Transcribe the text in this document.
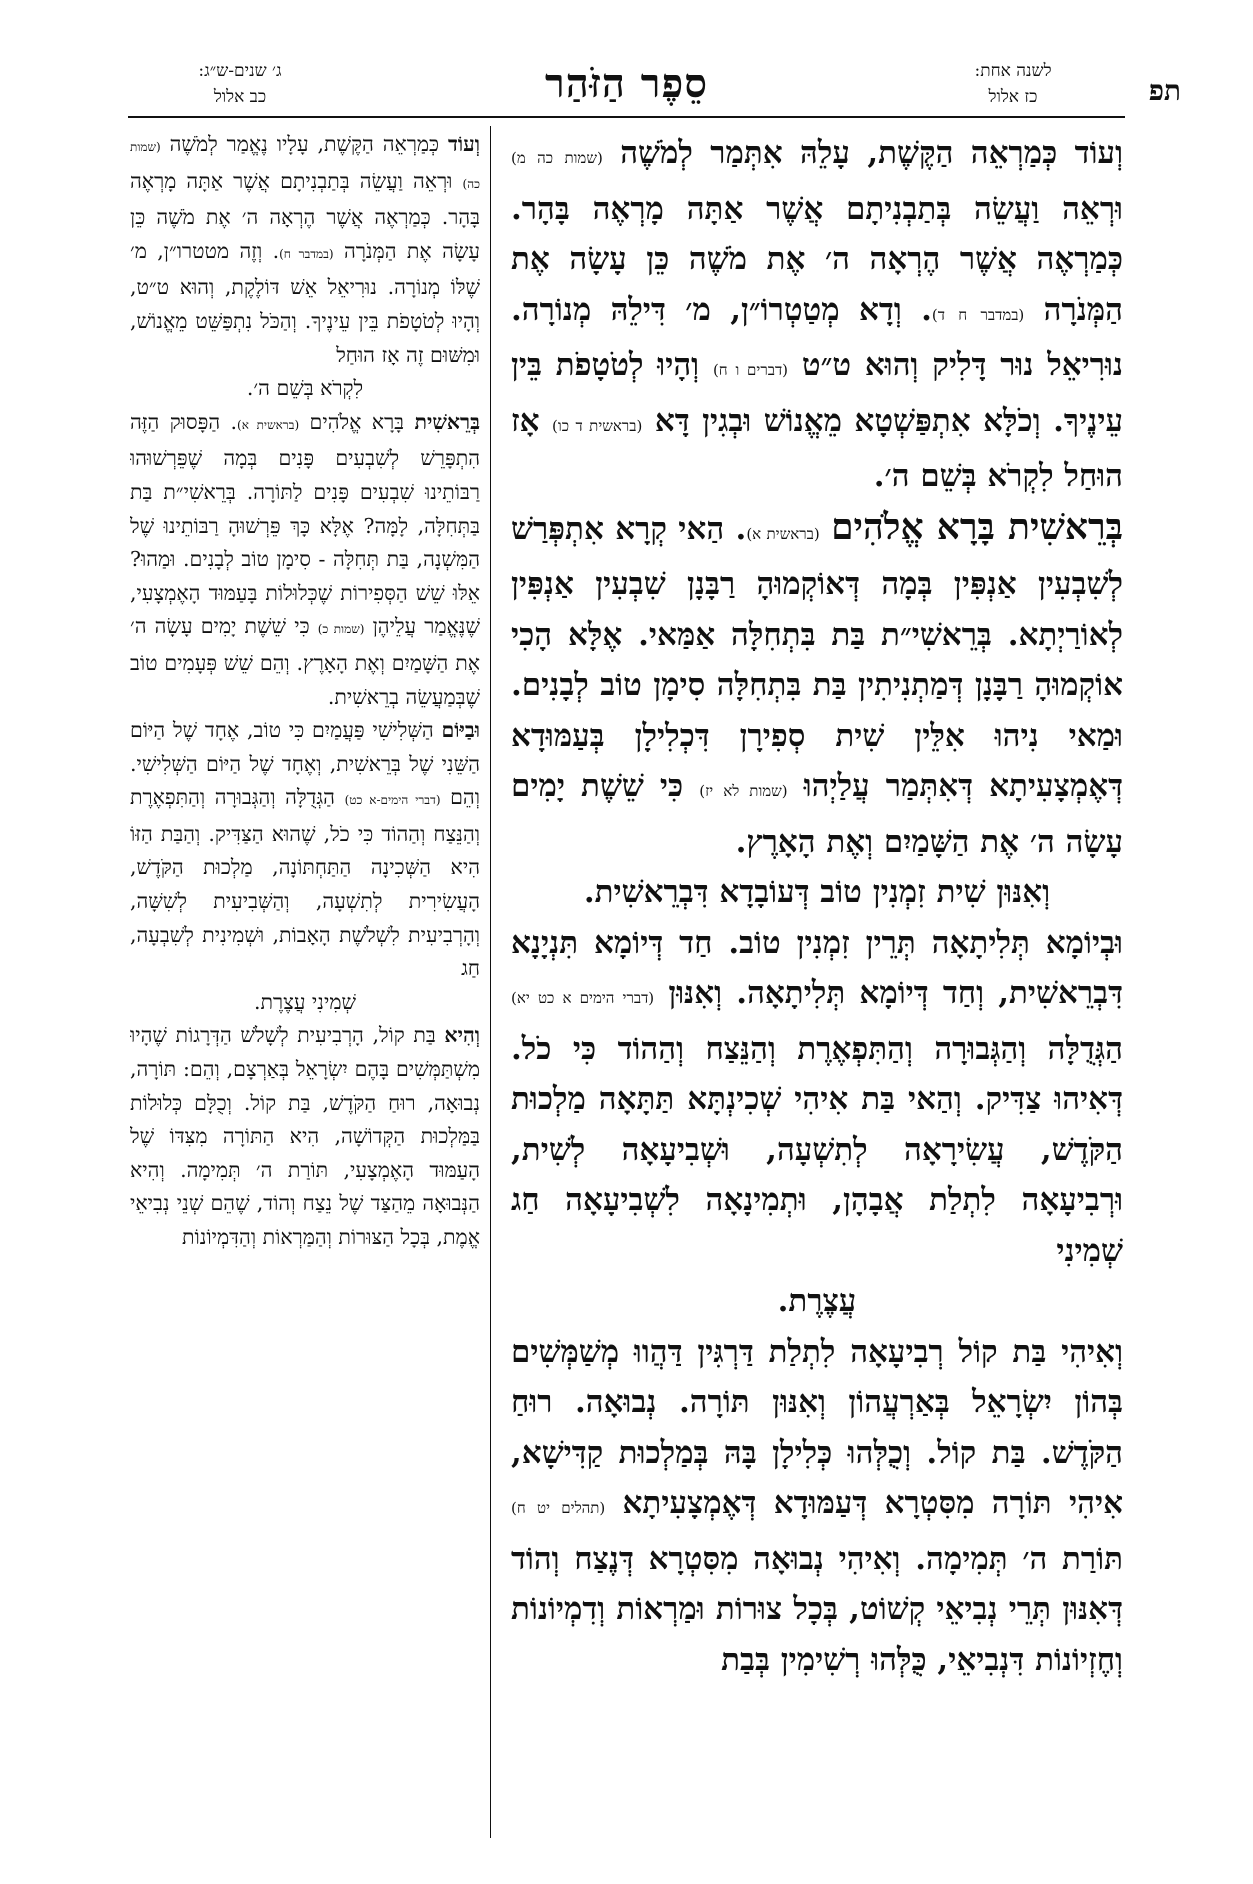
תפ
לשנה אחת:
כז אלול
סֵפֶר הַזֹּהַר
ג׳ שנים-ש״ג:
כב אלול

וְעוֹד כְּמַרְאֵה הַקֶּשֶׁת, עָלֵהּ אִתְּמַר לְמֹשֶׁה (שמות כה מ) וּרְאֵה וַעֲשֵׂה בְּתַבְנִיתָם אֲשֶׁר אַתָּה מָרְאֶה בָּהָר. כְּמַרְאֶה אֲשֶׁר הֶרְאָה ה׳ אֶת מֹשֶׁה כֵּן עָשָׂה אֶת הַמְּנֹרָה (במדבר ח ד). וְדָא מְטַטְרוֹ״ן, מ׳ דִּילֵהּ מְנוֹרָה. נוּרִיאֵל נוּר דָּלִיק וְהוּא ט״ט (דברים ו ח) וְהָיוּ לְטֹטָפֹת בֵּין עֵינֶיךָ. וְכֹלָּא אִתְפַּשְׁטָא מֵאֱנוֹשׁ וּבְגִין דָּא (בראשית ד כו) אָז הוּחַל לִקְרֹא בְּשֵׁם ה׳.

בְּרֵאשִׁית בָּרָא אֱלֹהִים (בראשית א). הַאי קְרָא אִתְפְּרַשׁ לְשִׁבְעִין אַנְפִּין בְּמָה דְּאוֹקְמוּהָ רַבָּנָן שִׁבְעִין אַנְפִּין לְאוֹרַיְתָא. בְּרֵאשִׁי״ת בַּת בִּתְחִלָּה אַמַּאי. אֶלָּא הָכִי אוֹקְמוּהָ רַבָּנָן דְּמַתְנִיתִין בַּת בִּתְחִלָּה סִימָן טוֹב לְבָנִים. וּמַאי נִיהוּ אִלֵּין שִׁית סְפִירָן דִּכְלִילָן בְּעַמּוּדָא דְּאֶמְצָעִיתָא דְּאִתְּמַר עֲלַיְהוּ (שמות לא יז) כִּי שֵׁשֶׁת יָמִים עָשָׂה ה׳ אֶת הַשָּׁמַיִם וְאֶת הָאָרֶץ.

וְאִנּוּן שִׁית זִמְנִין טוֹב דְּעוֹבָדָא דִּבְרֵאשִׁית.

וּבְיוֹמָא תְּלִיתָאָה תְּרֵין זִמְנִין טוֹב. חַד דְּיוֹמָא תִּנְיָנָא דִּבְרֵאשִׁית, וְחַד דְּיוֹמָא תְּלִיתָאָה. וְאִנּוּן (דברי הימים א כט יא) הַגְּדֻלָּה וְהַגְּבוּרָה וְהַתִּפְאֶרֶת וְהַנֵּצַח וְהַהוֹד כִּי כֹל. דְּאִיהוּ צַדִּיק. וְהַאי בַּת אִיהִי שְׁכִינְתָּא תַּתָּאָה מַלְכוּת הַקֹּדֶשׁ, עֲשִׂירָאָה לְתִשְׁעָה, וּשְׁבִיעָאָה לְשִׁית, וּרְבִיעָאָה לִתְלַת אֲבָהָן, וּתְמִינָאָה לִשְׁבִיעָאָה חַג שְׁמִינִי

עֲצֶרֶת.

וְאִיהִי בַּת קוֹל רְבִיעָאָה לִתְלַת דַּרְגִּין דַּהֲווּ מְשַׁמְּשִׁים בְּהוֹן יִשְׂרָאֵל בְּאַרְעֲהוֹן וְאִנּוּן תּוֹרָה. נְבוּאָה. רוּחַ הַקֹּדֶשׁ. בַּת קוֹל. וְכֻלְּהוּ כְּלִילָן בָּהּ בְּמַלְכוּת קַדִּישָׁא, אִיהִי תּוֹרָה מִסִּטְרָא דְּעַמּוּדָא דְּאֶמְצָעִיתָא (תהלים יט ח) תּוֹרַת ה׳ תְּמִימָה. וְאִיהִי נְבוּאָה מִסִּטְרָא דְּנֶצַח וְהוֹד דְּאִנּוּן תְּרֵי נְבִיאֵי קְשׁוֹט, בְּכָל צוּרוֹת וּמַרְאוֹת וְדִמְיוֹנוֹת וְחֶזְיוֹנוֹת דִּנְבִיאֵי, כֻּלְּהוּ רְשִׁימִין בְּבַת

וְעוֹד כְּמַרְאֵה הַקֶּשֶׁת, עָלָיו נֶאֱמַר לְמֹשֶׁה (שמות כה) וּרְאֵה וַעֲשֵׂה בְּתַבְנִיתָם אֲשֶׁר אַתָּה מָרְאֶה בָּהָר. כְּמַרְאֶה אֲשֶׁר הֶרְאָה ה׳ אֶת מֹשֶׁה כֵּן עָשָׂה אֶת הַמְּנֹרָה (במדבר ח). וְזֶה מטטרו״ן, מ׳ שֶׁלּוֹ מְנוֹרָה. נוּרִיאֵל אֵשׁ דּוֹלֶקֶת, וְהוּא ט״ט, וְהָיוּ לְטֹטָפֹת בֵּין עֵינֶיךָ. וְהַכֹּל נִתְפַּשֵּׁט מֵאֱנוֹשׁ, וּמִשּׁוּם זֶה אָז הוּחַל

לִקְרֹא בְּשֵׁם ה׳.

בְּרֵאשִׁית בָּרָא אֱלֹהִים (בראשית א). הַפָּסוּק הַזֶּה הִתְפָּרֵשׁ לְשִׁבְעִים פָּנִים בְּמָה שֶׁפֵּרְשׁוּהוּ רַבּוֹתֵינוּ שִׁבְעִים פָּנִים לַתּוֹרָה. בְּרֵאשִׁי״ת בַּת בַּתְּחִלָּה, לָמָּה? אֶלָּא כָּךְ פֵּרְשׁוּהָ רַבּוֹתֵינוּ שֶׁל הַמִּשְׁנָה, בַּת תְּחִלָּה - סִימָן טוֹב לְבָנִים. וּמַהוּ? אֵלּוּ שֵׁשׁ הַסְּפִירוֹת שֶׁכְּלוּלוֹת בָּעַמּוּד הָאֶמְצָעִי, שֶׁנֶּאֱמַר עֲלֵיהֶן (שמות כ) כִּי שֵׁשֶׁת יָמִים עָשָׂה ה׳ אֶת הַשָּׁמַיִם וְאֶת הָאָרֶץ. וְהֵם שֵׁשׁ פְּעָמִים טוֹב שֶׁבְּמַעֲשֵׂה בְרֵאשִׁית.

וּבַיּוֹם הַשְּׁלִישִׁי פַּעֲמַיִם כִּי טוֹב, אֶחָד שֶׁל הַיּוֹם הַשֵּׁנִי שֶׁל בְּרֵאשִׁית, וְאֶחָד שֶׁל הַיּוֹם הַשְּׁלִישִׁי. וְהֵם (דברי הימים-א כט) הַגְּדֻלָּה וְהַגְּבוּרָה וְהַתִּפְאֶרֶת וְהַנֵּצַח וְהַהוֹד כִּי כֹל, שֶׁהוּא הַצַּדִּיק. וְהַבַּת הַזּוֹ הִיא הַשְּׁכִינָה הַתַּחְתּוֹנָה, מַלְכוּת הַקֹּדֶשׁ, הָעֲשִׂירִית לְתִשְׁעָה, וְהַשְּׁבִיעִית לְשִׁשָּׁה, וְהָרְבִיעִית לִשְׁלֹשֶׁת הָאָבוֹת, וּשְׁמִינִית לְשִׁבְעָה, חַג

שְׁמִינִי עֲצֶרֶת.

וְהִיא בַּת קוֹל, הָרְבִיעִית לְשָׁלֹשׁ הַדְּרָגוֹת שֶׁהָיוּ מִשְׁתַּמְּשִׁים בָּהֶם יִשְׂרָאֵל בְּאַרְצָם, וְהֵם: תּוֹרָה, נְבוּאָה, רוּחַ הַקֹּדֶשׁ, בַּת קוֹל. וְכֻלָּם כְּלוּלוֹת בַּמַּלְכוּת הַקְּדוֹשָׁה, הִיא הַתּוֹרָה מִצִּדּוֹ שֶׁל הָעַמּוּד הָאֶמְצָעִי, תּוֹרַת ה׳ תְּמִימָה. וְהִיא הַנְּבוּאָה מֵהַצַּד שֶׁל נֵצַח וְהוֹד, שֶׁהֵם שְׁנֵי נְבִיאֵי אֱמֶת, בְּכָל הַצּוּרוֹת וְהַמַּרְאוֹת וְהַדִּמְיוֹנוֹת
